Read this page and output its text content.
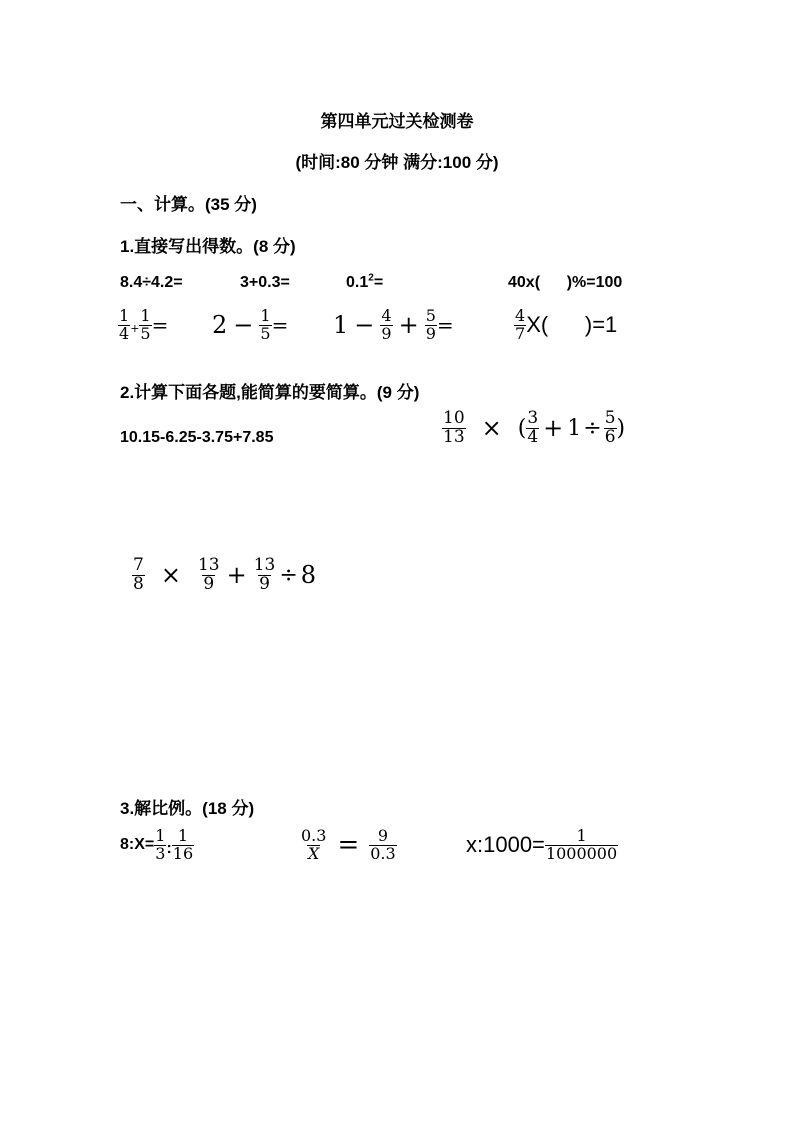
第四单元过关检测卷
(时间:80 分钟 满分:100 分)
一、计算。(35 分)
1.直接写出得数。(8 分)
8.4÷4.2=	3+0.3=	$0.1^2=$	40x(      )%=100
$\frac{1}{4} + \frac{1}{5} = 2 - \frac{1}{5} = 1 - \frac{4}{9} + \frac{5}{9}$ =	$\frac{4}{7} X$(      )=1
2.计算下面各题,能简算的要简算。(9 分)
10.15-6.25-3.75+7.85	$\frac{10}{13}$ × ( $\frac{3}{4} + 1 \div \frac{5}{6}$ )
$\frac{7}{8} \times \frac{13}{9} + \frac{13}{9} \div 8$
3.解比例。(18 分)
8:X= $\frac{1}{3}$ : $\frac{1}{16}$	$\frac{0.3}{X} = \frac{9}{0.3}$	x:1000= $\frac{1}{1000000}$
